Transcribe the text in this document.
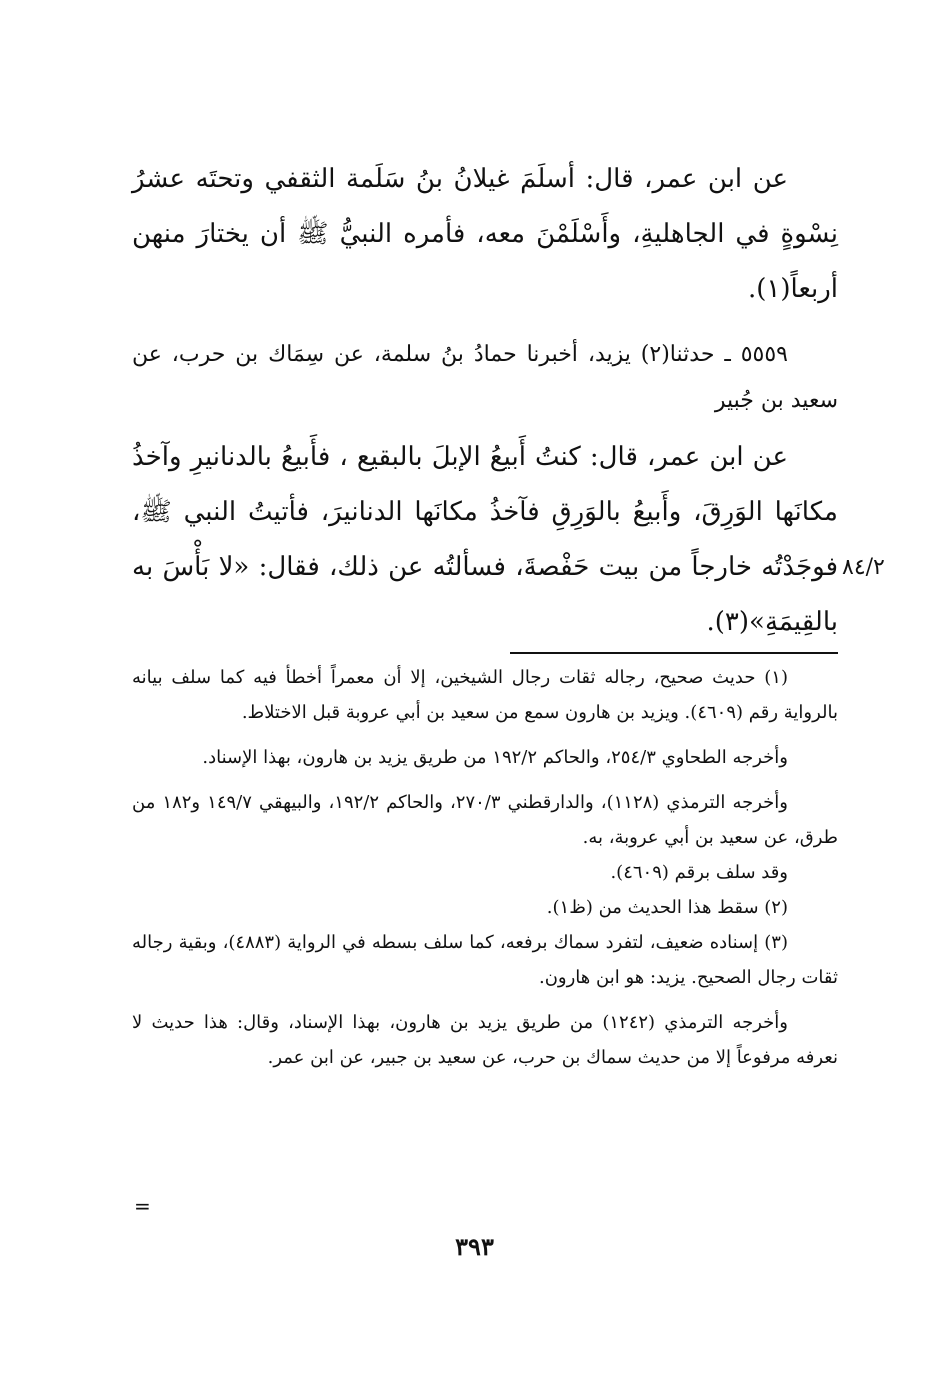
عن ابن عمر، قال: أسلَمَ غيلانُ بنُ سَلَمة الثقفي وتحتَه عشرُ نِسْوةٍ في الجاهليةِ، وأَسْلَمْنَ معه، فأمره النبيُّ ﷺ أن يختارَ منهن أربعاً(١).

٥٥٥٩ ـ حدثنا(٢) يزيد، أخبرنا حمادُ بنُ سلمة، عن سِمَاك بن حرب، عن سعيد بن جُبير

عن ابن عمر، قال: كنتُ أَبيعُ الإبلَ بالبقيع ، فأَبيعُ بالدنانيرِ وآخذُ مكانَها الوَرِقَ، وأَبيعُ بالوَرِقِ فآخذُ مكانَها الدنانيرَ، فأتيتُ النبي ﷺ، فوجَدْتُه خارجاً من بيت حَفْصةَ، فسألتُه عن ذلك، فقال: «لا بَأْسَ به بالقِيمَةِ»(٣).

٨٤/٢

(١) حديث صحيح، رجاله ثقات رجال الشيخين، إلا أن معمراً أخطأ فيه كما سلف بيانه بالرواية رقم (٤٦٠٩). ويزيد بن هارون سمع من سعيد بن أبي عروبة قبل الاختلاط.

وأخرجه الطحاوي ٢٥٤/٣، والحاكم ١٩٢/٢ من طريق يزيد بن هارون، بهذا الإسناد.

وأخرجه الترمذي (١١٢٨)، والدارقطني ٢٧٠/٣، والحاكم ١٩٢/٢، والبيهقي ١٤٩/٧ و١٨٢ من طرق، عن سعيد بن أبي عروبة، به.

وقد سلف برقم (٤٦٠٩).

(٢) سقط هذا الحديث من (ظ١).

(٣) إسناده ضعيف، لتفرد سماك برفعه، كما سلف بسطه في الرواية (٤٨٨٣)، وبقية رجاله ثقات رجال الصحيح. يزيد: هو ابن هارون.

وأخرجه الترمذي (١٢٤٢) من طريق يزيد بن هارون، بهذا الإسناد، وقال: هذا حديث لا نعرفه مرفوعاً إلا من حديث سماك بن حرب، عن سعيد بن جبير، عن ابن عمر.

=
٣٩٣
